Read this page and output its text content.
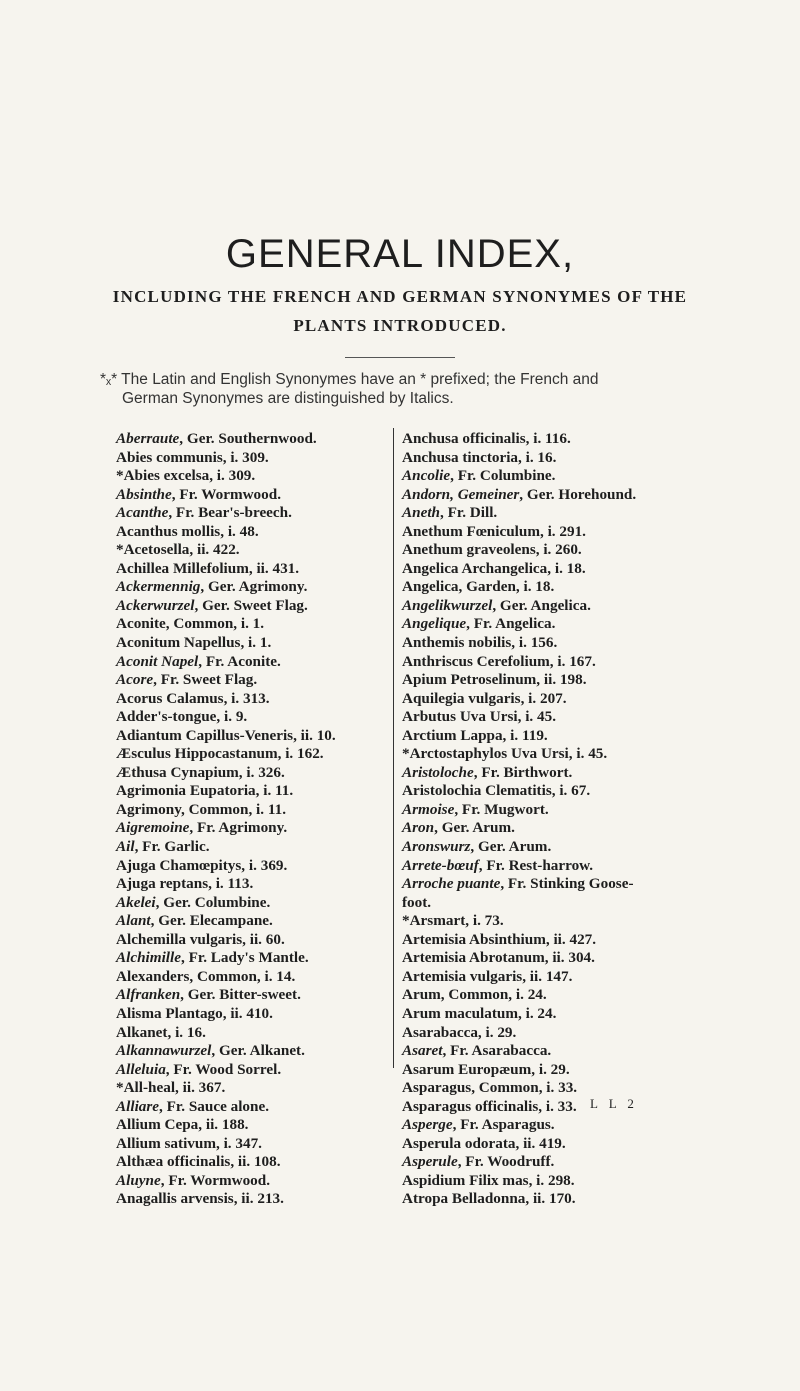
GENERAL INDEX,
INCLUDING THE FRENCH AND GERMAN SYNONYMES OF THE
PLANTS INTRODUCED.
*ₓ* The Latin and English Synonymes have an * prefixed; the French and
German Synonymes are distinguished by Italics.
Aberraute, Ger. Southernwood.
Abies communis, i. 309.
*Abies excelsa, i. 309.
Absinthe, Fr. Wormwood.
Acanthe, Fr. Bear's-breech.
Acanthus mollis, i. 48.
*Acetosella, ii. 422.
Achillea Millefolium, ii. 431.
Ackermennig, Ger. Agrimony.
Ackerwurzel, Ger. Sweet Flag.
Aconite, Common, i. 1.
Aconitum Napellus, i. 1.
Aconit Napel, Fr. Aconite.
Acore, Fr. Sweet Flag.
Acorus Calamus, i. 313.
Adder's-tongue, i. 9.
Adiantum Capillus-Veneris, ii. 10.
Æsculus Hippocastanum, i. 162.
Æthusa Cynapium, i. 326.
Agrimonia Eupatoria, i. 11.
Agrimony, Common, i. 11.
Aigremoine, Fr. Agrimony.
Ail, Fr. Garlic.
Ajuga Chamœpitys, i. 369.
Ajuga reptans, i. 113.
Akelei, Ger. Columbine.
Alant, Ger. Elecampane.
Alchemilla vulgaris, ii. 60.
Alchimille, Fr. Lady's Mantle.
Alexanders, Common, i. 14.
Alfranken, Ger. Bitter-sweet.
Alisma Plantago, ii. 410.
Alkanet, i. 16.
Alkannawurzel, Ger. Alkanet.
Alleluia, Fr. Wood Sorrel.
*All-heal, ii. 367.
Alliare, Fr. Sauce alone.
Allium Cepa, ii. 188.
Allium sativum, i. 347.
Althæa officinalis, ii. 108.
Aluyne, Fr. Wormwood.
Anagallis arvensis, ii. 213.
Anchusa officinalis, i. 116.
Anchusa tinctoria, i. 16.
Ancolie, Fr. Columbine.
Andorn, Gemeiner, Ger. Horehound.
Aneth, Fr. Dill.
Anethum Fœniculum, i. 291.
Anethum graveolens, i. 260.
Angelica Archangelica, i. 18.
Angelica, Garden, i. 18.
Angelikwurzel, Ger. Angelica.
Angelique, Fr. Angelica.
Anthemis nobilis, i. 156.
Anthriscus Cerefolium, i. 167.
Apium Petroselinum, ii. 198.
Aquilegia vulgaris, i. 207.
Arbutus Uva Ursi, i. 45.
Arctium Lappa, i. 119.
*Arctostaphylos Uva Ursi, i. 45.
Aristoloche, Fr. Birthwort.
Aristolochia Clematitis, i. 67.
Armoise, Fr. Mugwort.
Aron, Ger. Arum.
Aronswurz, Ger. Arum.
Arrete-bœuf, Fr. Rest-harrow.
Arroche puante, Fr. Stinking Goose-
foot.
*Arsmart, i. 73.
Artemisia Absinthium, ii. 427.
Artemisia Abrotanum, ii. 304.
Artemisia vulgaris, ii. 147.
Arum, Common, i. 24.
Arum maculatum, i. 24.
Asarabacca, i. 29.
Asaret, Fr. Asarabacca.
Asarum Europæum, i. 29.
Asparagus, Common, i. 33.
Asparagus officinalis, i. 33.
Asperge, Fr. Asparagus.
Asperula odorata, ii. 419.
Asperule, Fr. Woodruff.
Aspidium Filix mas, i. 298.
Atropa Belladonna, ii. 170.
L L 2
